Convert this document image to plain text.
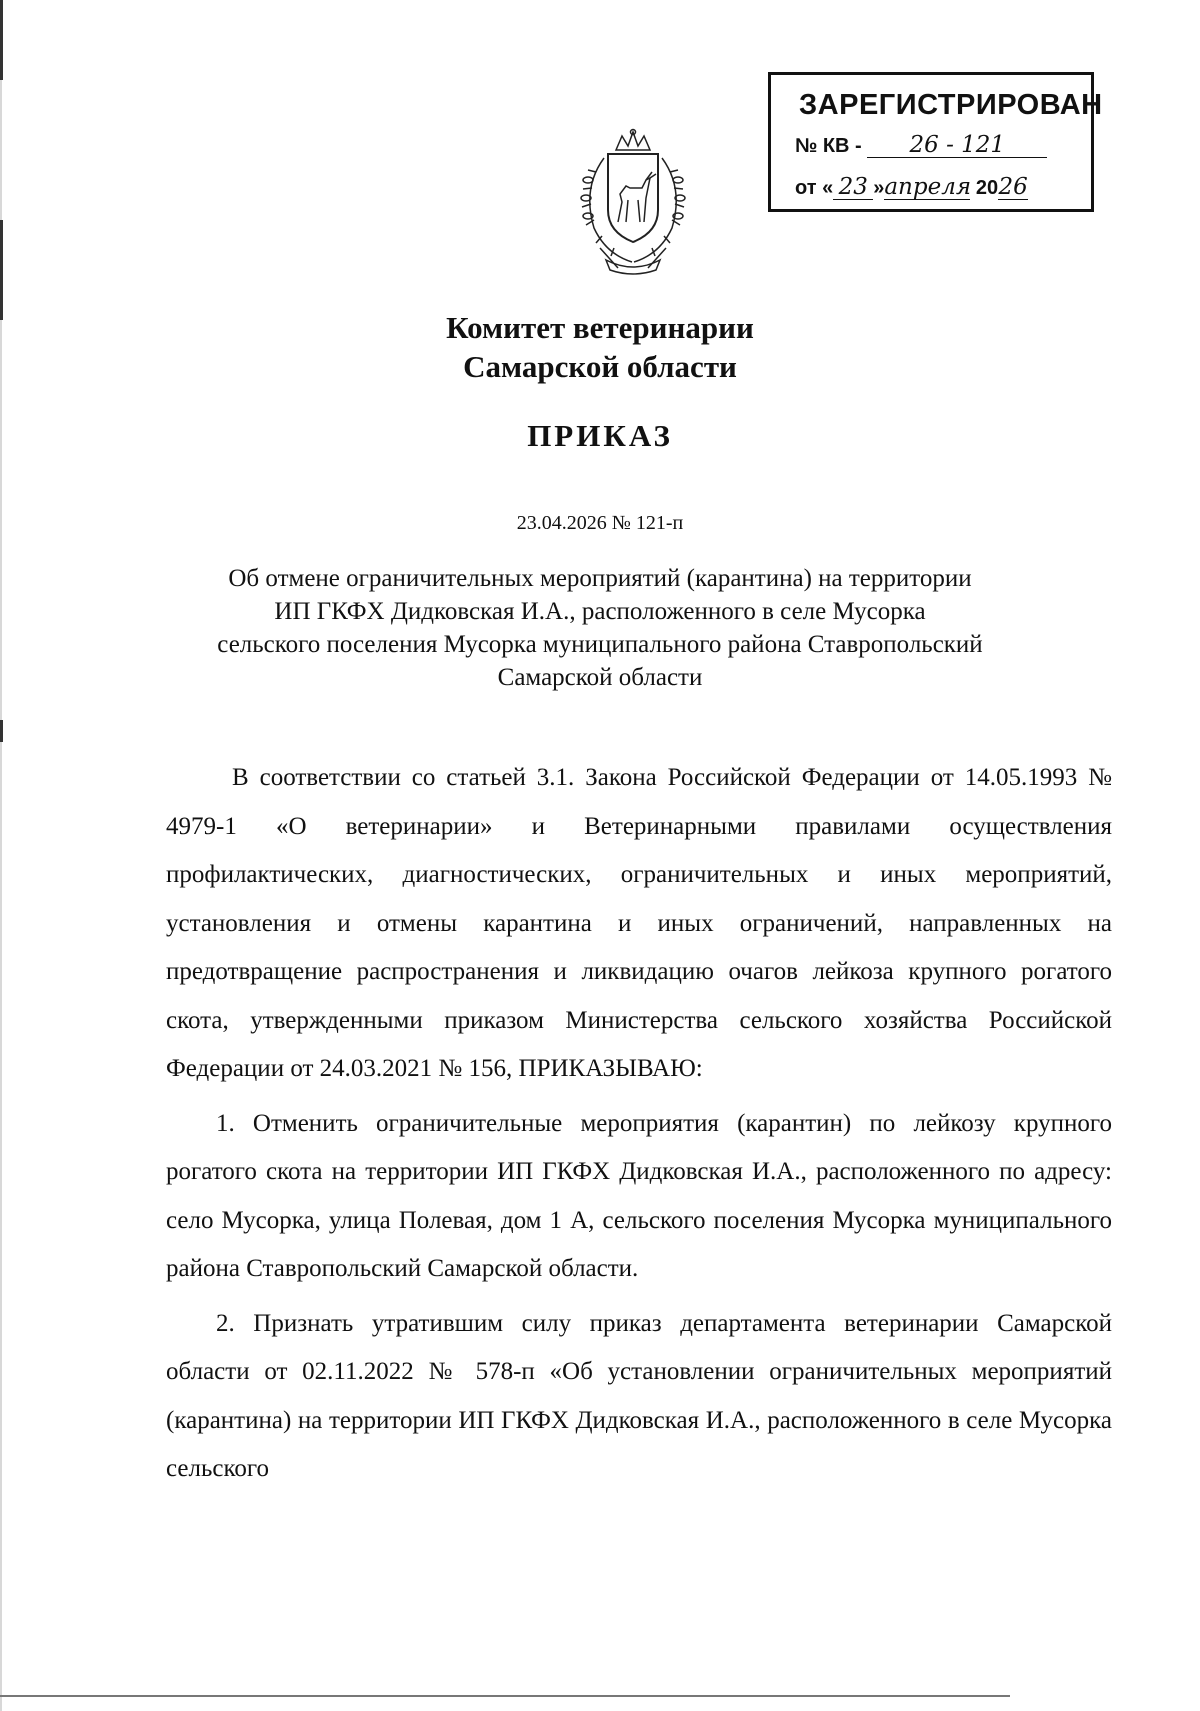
ЗАРЕГИСТРИРОВАН
№ КВ - 26 - 121
от « 23 »апреля 2026
Комитет ветеринарии
Самарской области
ПРИКАЗ
23.04.2026 № 121-п
Об отмене ограничительных мероприятий (карантина) на территории
ИП ГКФХ Дидковская И.А., расположенного в селе Мусорка
сельского поселения Мусорка муниципального района Ставропольский
Самарской области

В соответствии со статьей 3.1. Закона Российской Федерации от 14.05.1993 № 4979-1 «О ветеринарии» и Ветеринарными правилами осуществления профилактических, диагностических, ограничительных и иных мероприятий, установления и отмены карантина и иных ограничений, направленных на предотвращение распространения и ликвидацию очагов лейкоза крупного рогатого скота, утвержденными приказом Министерства сельского хозяйства Российской Федерации от 24.03.2021 № 156, ПРИКАЗЫВАЮ:

1. Отменить ограничительные мероприятия (карантин) по лейкозу крупного рогатого скота на территории ИП ГКФХ Дидковская И.А., расположенного по адресу: село Мусорка, улица Полевая, дом 1 А, сельского поселения Мусорка муниципального района Ставропольский Самарской области.

2. Признать утратившим силу приказ департамента ветеринарии Самарской области от 02.11.2022 № 578-п «Об установлении ограничительных мероприятий (карантина) на территории ИП ГКФХ Дидковская И.А., расположенного в селе Мусорка сельского
